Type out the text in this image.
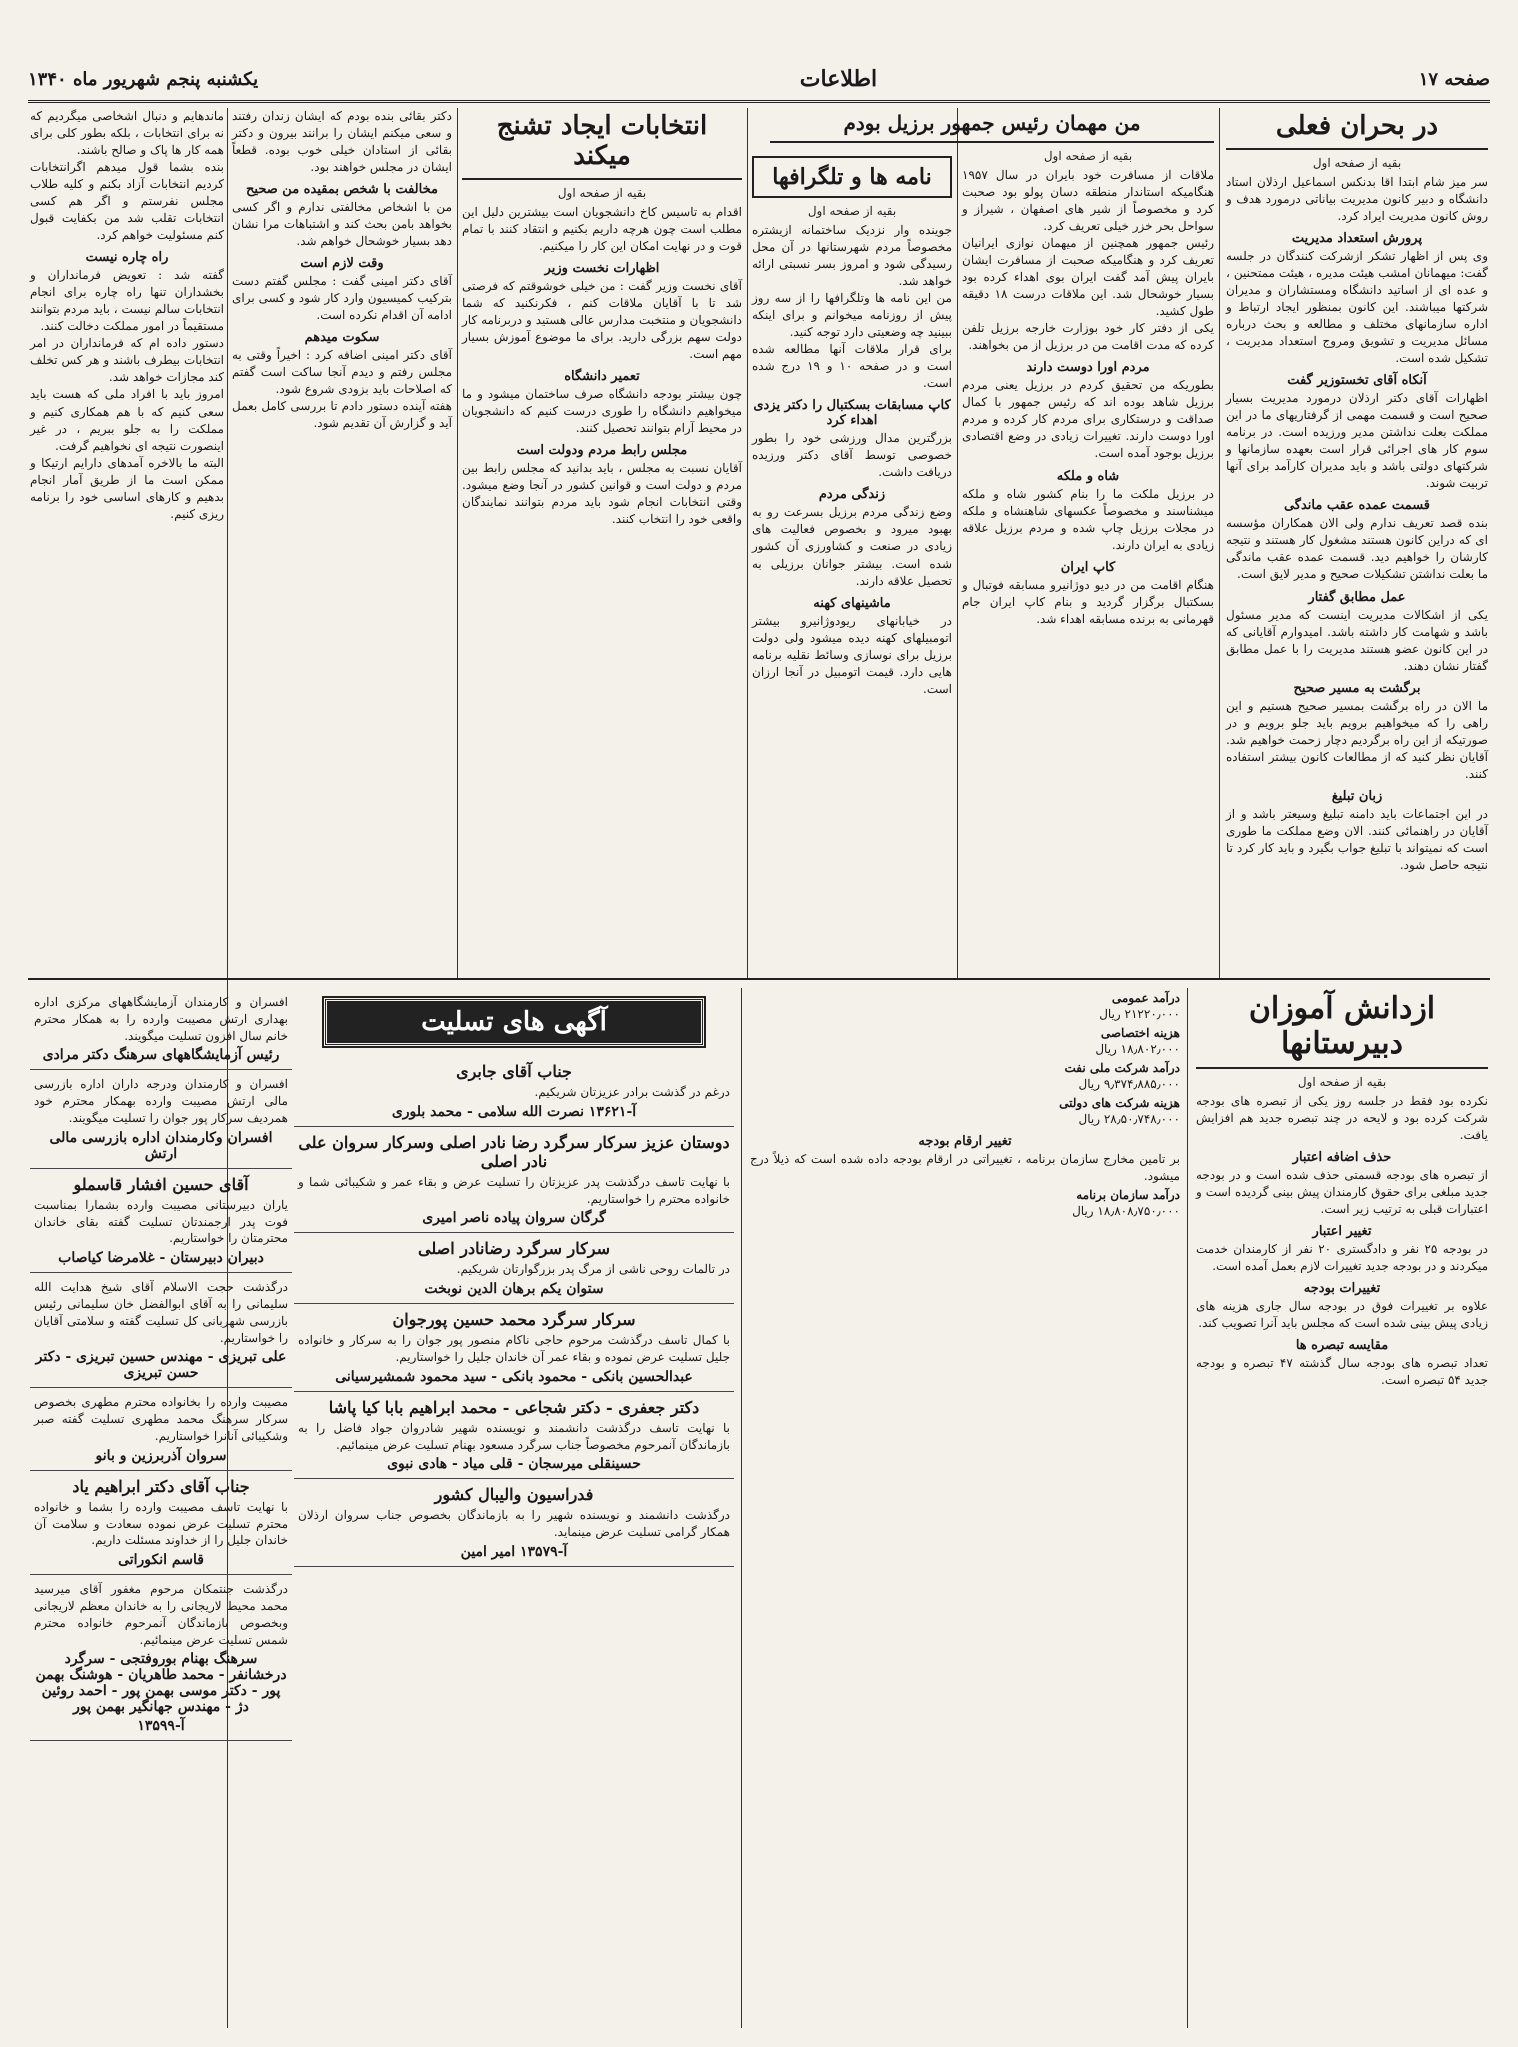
صفحه ۱۷
اطلاعات
یکشنبه پنجم شهریور ماه ۱۳۴۰
در بحران فعلی
بقیه از صفحه اول
سر میز شام ابتدا اقا بدنکس اسماعیل ارذلان استاد دانشگاه و دبیر کانون مدیریت بیاناتی درمورد هدف و روش کانون مدیریت ایراد کرد.
پرورش استعداد مدیریت
وی پس از اظهار تشکر ازشرکت کنندگان در جلسه گفت: میهمانان امشب هیئت مدیره ، هیئت ممتحنین ، و عده ای از اساتید دانشگاه ومستشاران و مدیران شرکتها میباشند. این کانون بمنظور ایجاد ارتباط و اداره سازمانهای مختلف و مطالعه و بحث درباره مسائل مدیریت و تشویق ومروج استعداد مدیریت ، تشکیل شده است.
آنکاه آقای تخستوزیر گفت
اظهارات آقای دکتر ارذلان درمورد مدیریت بسیار صحیح است و قسمت مهمی از گرفتاریهای ما در این مملکت بعلت نداشتن مدیر ورزیده است. در برنامه سوم کار های اجرائی قرار است بعهده سازمانها و شرکتهای دولتی باشد و باید مدیران کارآمد برای آنها تربیت شوند.
قسمت عمده عقب ماندگی
بنده قصد تعریف ندارم ولی الان همکاران مؤسسه ای که دراین کانون هستند مشغول کار هستند و نتیجه کارشان را خواهیم دید. قسمت عمده عقب ماندگی ما بعلت نداشتن تشکیلات صحیح و مدیر لایق است.
عمل مطابق گفتار
یکی از اشکالات مدیریت اینست که مدیر مسئول باشد و شهامت کار داشته باشد. امیدوارم آقایانی که در این کانون عضو هستند مدیریت را با عمل مطابق گفتار نشان دهند.
برگشت به مسیر صحیح
ما الان در راه برگشت بمسیر صحیح هستیم و این راهی را که میخواهیم برویم باید جلو برویم و در صورتیکه از این راه برگردیم دچار زحمت خواهیم شد. آقایان نظر کنید که از مطالعات کانون بیشتر استفاده کنند.
زبان تبلیغ
در این اجتماعات باید دامنه تبلیغ وسیعتر باشد و از آقایان در راهنمائی کنند. الان وضع مملکت ما طوری است که نمیتواند با تبلیغ جواب بگیرد و باید کار کرد تا نتیجه حاصل شود.
من مهمان رئیس جمهور برزیل بودم
بقیه از صفحه اول
ملاقات از مسافرت خود بایران در سال ۱۹۵۷ هنگامیکه استاندار منطقه دسان پولو بود صحبت کرد و مخصوصاً از شیر های اصفهان ، شیراز و سواحل بحر خزر خیلی تعریف کرد.
رئیس جمهور همچنین از میهمان نوازی ایرانیان تعریف کرد و هنگامیکه صحبت از مسافرت ایشان بایران پیش آمد گفت ایران بوی اهداء کرده بود بسیار خوشحال شد. این ملاقات درست ۱۸ دقیقه طول کشید.
یکی از دفتر کار خود بوزارت خارجه برزیل تلفن کرده که مدت اقامت من در برزیل از من بخواهند.
مردم اورا دوست دارند
بطوریکه من تحقیق کردم در برزیل یعنی مردم برزیل شاهد بوده اند که رئیس جمهور با کمال صداقت و درستکاری برای مردم کار کرده و مردم اورا دوست دارند. تغییرات زیادی در وضع اقتصادی برزیل بوجود آمده است.
شاه و ملکه
در برزیل ملکت ما را بنام کشور شاه و ملکه میشناسند و مخصوصاً عکسهای شاهنشاه و ملکه در مجلات برزیل چاپ شده و مردم برزیل علاقه زیادی به ایران دارند.
کاپ ایران
هنگام اقامت من در دیو دوژانیرو مسابقه فوتبال و بسکتبال برگزار گردید و بنام کاپ ایران جام قهرمانی به برنده مسابقه اهداء شد.
نامه ها و تلگرافها
بقیه از صفحه اول
جوینده وار نزدیک ساختمانه ازیشتره مخصوصاً مردم شهرستانها در آن محل رسیدگی شود و امروز بسر نسبتی ارائه خواهد شد.
من این نامه ها وتلگرافها را از سه روز پیش از روزنامه میخوانم و برای اینکه ببینید چه وضعیتی دارد توجه کنید.
برای قرار ملاقات آنها مطالعه شده است و در صفحه ۱۰ و ۱۹ درج شده است.
کاپ مسابقات بسکتبال را دکتر یزدی اهداء کرد
بزرگترین مدال ورزشی خود را بطور خصوصی توسط آقای دکتر ورزیده دریافت داشت.
زندگی مردم
وضع زندگی مردم برزیل بسرعت رو به بهبود میرود و بخصوص فعالیت های زیادی در صنعت و کشاورزی آن کشور شده است. بیشتر جوانان برزیلی به تحصیل علاقه دارند.
ماشینهای کهنه
در خیابانهای ریودوژانیرو بیشتر اتومبیلهای کهنه دیده میشود ولی دولت برزیل برای نوسازی وسائط نقلیه برنامه هایی دارد. قیمت اتومبیل در آنجا ارزان است.
انتخابات ایجاد تشنج میکند
بقیه از صفحه اول
اقدام به تاسیس کاخ دانشجویان است بیشترین دلیل این مطلب است چون هرچه داریم بکنیم و انتقاد کنند با تمام قوت و در نهایت امکان این کار را میکنیم.
اظهارات نخست وزیر
آقای نخست وزیر گفت : من خیلی خوشوقتم که فرصتی شد تا با آقایان ملاقات کنم ، فکرنکنید که شما دانشجویان و منتخبت مدارس عالی هستید و دربرنامه کار دولت سهم بزرگی دارید. برای ما موضوع آموزش بسیار مهم است.
تعمیر دانشگاه
چون بیشتر بودجه دانشگاه صرف ساختمان میشود و ما میخواهیم دانشگاه را طوری درست کنیم که دانشجویان در محیط آرام بتوانند تحصیل کنند.
مجلس رابط مردم ودولت است
آقایان نسبت به مجلس ، باید بدانید که مجلس رابط بین مردم و دولت است و قوانین کشور در آنجا وضع میشود. وقتی انتخابات انجام شود باید مردم بتوانند نمایندگان واقعی خود را انتخاب کنند.
دکتر بقائی بنده بودم که ایشان زندان رفتند و سعی میکنم ایشان را برانند بیرون و دکتر بقائی از استادان خیلی خوب بوده. قطعاً ایشان در مجلس خواهند بود.
مخالفت با شخص بمقیده من صحیح
من با اشخاص مخالفتی ندارم و اگر کسی بخواهد بامن بحث کند و اشتباهات مرا نشان دهد بسیار خوشحال خواهم شد.
وقت لازم است
آقای دکتر امینی گفت : مجلس گفتم دست بترکیب کمیسیون وارد کار شود و کسی برای ادامه آن اقدام نکرده است.
سکوت میدهم
آقای دکتر امینی اضافه کرد : اخیراً وقتی به مجلس رفتم و دیدم آنجا ساکت است گفتم که اصلاحات باید بزودی شروع شود.
هفته آینده دستور دادم تا بررسی کامل بعمل آید و گزارش آن تقدیم شود.
ماندهایم و دنبال اشخاصی میگردیم که نه برای انتخابات ، بلکه بطور کلی برای همه کار ها پاک و صالح باشند.
بنده بشما قول میدهم اگرانتخابات کردیم انتخابات آزاد بکنم و کلیه طلاب مجلس نفرستم و اگر هم کسی انتخابات تقلب شد من بکفایت قبول کنم مسئولیت خواهم کرد.
راه چاره نیست
گفته شد : تعویض فرمانداران و بخشداران تنها راه چاره برای انجام انتخابات سالم نیست ، باید مردم بتوانند مستقیماً در امور مملکت دخالت کنند.
دستور داده ام که فرمانداران در امر انتخابات بیطرف باشند و هر کس تخلف کند مجازات خواهد شد.
امروز باید با افراد ملی که هست باید سعی کنیم که با هم همکاری کنیم و مملکت را به جلو ببریم ، در غیر اینصورت نتیجه ای نخواهیم گرفت.
البته ما بالاخره آمدهای دارایم ارتیکا و ممکن است ما از طریق آمار انجام بدهیم و کارهای اساسی خود را برنامه ریزی کنیم.
ازدانش آموزان دبیرستانها
بقیه از صفحه اول
نکرده بود فقط در جلسه روز یکی از تبصره های بودجه شرکت کرده بود و لایحه در چند تبصره جدید هم افزایش یافت.
حذف اضافه اعتبار
از تبصره های بودجه قسمتی حذف شده است و در بودجه جدید مبلغی برای حقوق کارمندان پیش بینی گردیده است و اعتبارات قبلی به ترتیب زیر است.
تغییر اعتبار
در بودجه ۲۵ نفر و دادگستری ۲۰ نفر از کارمندان خدمت میکردند و در بودجه جدید تغییرات لازم بعمل آمده است.
تغییرات بودجه
علاوه بر تغییرات فوق در بودجه سال جاری هزینه های زیادی پیش بینی شده است که مجلس باید آنرا تصویب کند.
مقایسه تبصره ها
تعداد تبصره های بودجه سال گذشته ۴۷ تبصره و بودجه جدید ۵۴ تبصره است.
درآمد عمومی
۲۱۲۲۰٫۰۰۰ ریال
هزینه اختصاصی
۱۸٫۸۰۲٫۰۰۰ ریال
درآمد شرکت ملی نفت
۹٫۳۷۴٫۸۸۵٫۰۰۰ ریال
هزینه شرکت های دولتی
۲۸٫۵۰٫۷۴۸٫۰۰۰ ریال
تغییر ارقام بودجه
بر تامین مخارج سازمان برنامه ، تغییراتی در ارقام بودجه داده شده است که ذیلاً درج میشود.
درآمد سازمان برنامه
۱۸٫۸۰۸٫۷۵۰٫۰۰۰ ریال
آگهی های تسلیت
جناب آقای جابری
درغم در گذشت برادر عزیزتان شریکیم.
آ-۱۳۶۲۱ نصرت الله سلامی - محمد بلوری
دوستان عزیز سرکار سرگرد رضا نادر اصلی وسرکار سروان علی نادر اصلی
با نهایت تاسف درگذشت پدر عزیزتان را تسلیت عرض و بقاء عمر و شکیبائی شما و خانواده محترم را خواستاریم.
گرگان سروان پیاده ناصر امیری
سرکار سرگرد رضانادر اصلی
در تالمات روحی ناشی از مرگ پدر بزرگوارتان شریکیم.
ستوان یکم برهان الدین نوبخت
سرکار سرگرد محمد حسین پورجوان
با کمال تاسف درگذشت مرحوم حاجی ناکام منصور پور جوان را به سرکار و خانواده جلیل تسلیت عرض نموده و بقاء عمر آن خاندان جلیل را خواستاریم.
عبدالحسین بانکی - محمود بانکی - سید محمود شمشیرسیانی
دکتر جعفری - دکتر شجاعی - محمد ابراهیم بابا کیا پاشا
با نهایت تاسف درگذشت دانشمند و نویسنده شهیر شادروان جواد فاضل را به بازماندگان آنمرحوم مخصوصاً جناب سرگرد مسعود بهنام تسلیت عرض مینمائیم.
حسینقلی میرسجان - قلی میاد - هادی نبوی
فدراسیون والیبال کشور
درگذشت دانشمند و نویسنده شهیر را به بازماندگان بخصوص جناب سروان ارذلان همکار گرامی تسلیت عرض مینماید.
آ-۱۳۵۷۹ امیر امین
افسران و کارمندان آزمایشگاههای مرکزی اداره بهداری ارتش مصیبت وارده را به همکار محترم خانم سال افزون تسلیت میگویند.
رئیس آزمایشگاههای سرهنگ دکتر مرادی
افسران و کارمندان ودرجه داران اداره بازرسی مالی ارتش مصیبت وارده بهمکار محترم خود همردیف سرکار پور جوان را تسلیت میگویند.
افسران وکارمندان اداره بازرسی مالی ارتش
آقای حسین افشار قاسملو
یاران دبیرستانی مصیبت وارده بشمارا بمناسبت فوت پدر ارجمندتان تسلیت گفته بقای خاندان محترمتان را خواستاریم.
دبیران دبیرستان - غلامرضا کیاصاب
درگذشت حجت الاسلام آقای شیخ هدایت الله سلیمانی را به آقای ابوالفضل خان سلیمانی رئیس بازرسی شهربانی کل تسلیت گفته و سلامتی آقایان را خواستاریم.
علی تبریزی - مهندس حسین تبریزی - دکتر حسن تبریزی
مصیبت وارده را بخانواده محترم مطهری بخصوص سرکار سرهنگ محمد مطهری تسلیت گفته صبر وشکیبائی آنانرا خواستاریم.
سروان آذربرزین و بانو
جناب آقای دکتر ابراهیم یاد
با نهایت تاسف مصیبت وارده را بشما و خانواده محترم تسلیت عرض نموده سعادت و سلامت آن خاندان جلیل را از خداوند مسئلت داریم.
قاسم انکوراتی
درگذشت جنتمکان مرحوم مغفور آقای میرسید محمد محیط لاریجانی را به خاندان معظم لاریجانی وبخصوص بازماندگان آنمرحوم خانواده محترم شمس تسلیت عرض مینمائیم.
سرهنگ بهنام بوروفتجی - سرگرد درخشانفر - محمد طاهریان - هوشنگ بهمن پور - دکتر موسی بهمن پور - احمد روئین دژ - مهندس جهانگیر بهمن پور
آ-۱۳۵۹۹
